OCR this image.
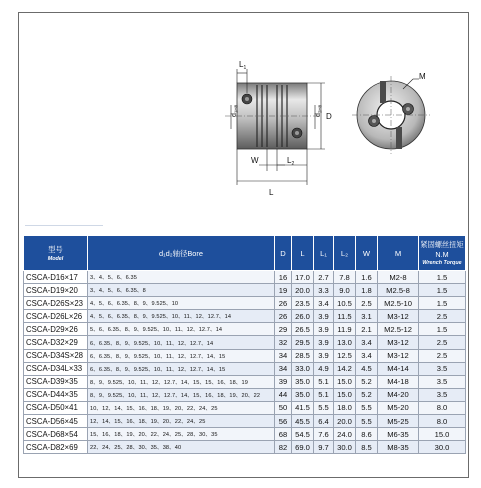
$L_1$
$d_{1H8}$
$d_{2H8}$
D
W	$L_2$
L
M
型号
Model	d₁d₂轴径Bore	D	L	L₁	L₂	W	M	紧固螺丝扭矩N.M
Wrench Torque

CSCA-D16×17	3、4、5、6、6.35	16	17.0	2.7	7.8	1.6	M2-8	1.5
CSCA-D19×20	3、4、5、6、6.35、8	19	20.0	3.3	9.0	1.8	M2.5-8	1.5
CSCA-D26S×23	4、5、6、6.35、8、9、9.525、10	26	23.5	3.4	10.5	2.5	M2.5-10	1.5
CSCA-D26L×26	4、5、6、6.35、8、9、9.525、10、11、12、12.7、14	26	26.0	3.9	11.5	3.1	M3-12	2.5
CSCA-D29×26	5、6、6.35、8、9、9.525、10、11、12、12.7、14	29	26.5	3.9	11.9	2.1	M2.5-12	1.5
CSCA-D32×29	6、6.35、8、9、9.525、10、11、12、12.7、14	32	29.5	3.9	13.0	3.4	M3-12	2.5
CSCA-D34S×28	6、6.35、8、9、9.525、10、11、12、12.7、14、15	34	28.5	3.9	12.5	3.4	M3-12	2.5
CSCA-D34L×33	6、6.35、8、9、9.525、10、11、12、12.7、14、15	34	33.0	4.9	14.2	4.5	M4-14	3.5
CSCA-D39×35	8、9、9.525、10、11、12、12.7、14、15、15、16、18、19	39	35.0	5.1	15.0	5.2	M4-18	3.5
CSCA-D44×35	8、9、9.525、10、11、12、12.7、14、15、16、18、19、20、22	44	35.0	5.1	15.0	5.2	M4-20	3.5
CSCA-D50×41	10、12、14、15、16、18、19、20、22、24、25	50	41.5	5.5	18.0	5.5	M5-20	8.0
CSCA-D56×45	12、14、15、16、18、19、20、22、24、25	56	45.5	6.4	20.0	5.5	M5-25	8.0
CSCA-D68×54	15、16、18、19、20、22、24、25、28、30、35	68	54.5	7.6	24.0	8.6	M6-35	15.0
CSCA-D82×69	22、24、25、28、30、35、38、40	82	69.0	9.7	30.0	8.5	M8-35	30.0
